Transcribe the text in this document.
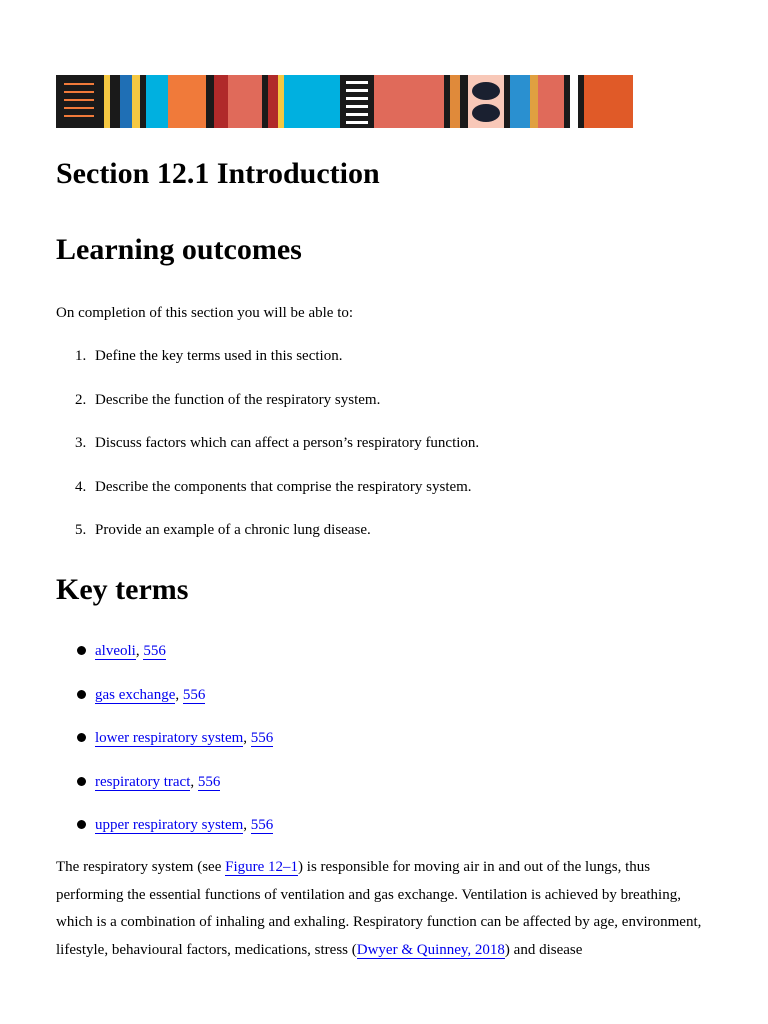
Section 12.1 Introduction
Learning outcomes

On completion of this section you will be able to:

1. Define the key terms used in this section.
2. Describe the function of the respiratory system.
3. Discuss factors which can affect a person’s respiratory function.
4. Describe the components that comprise the respiratory system.
5. Provide an example of a chronic lung disease.
Key terms
alveoli, 556
gas exchange, 556
lower respiratory system, 556
respiratory tract, 556
upper respiratory system, 556

The respiratory system (see Figure 12–1) is responsible for moving air in and out of the lungs, thus performing the essential functions of ventilation and gas exchange. Ventilation is achieved by breathing, which is a combination of inhaling and exhaling. Respiratory function can be affected by age, environment, lifestyle, behavioural factors, medications, stress (Dwyer & Quinney, 2018) and disease
